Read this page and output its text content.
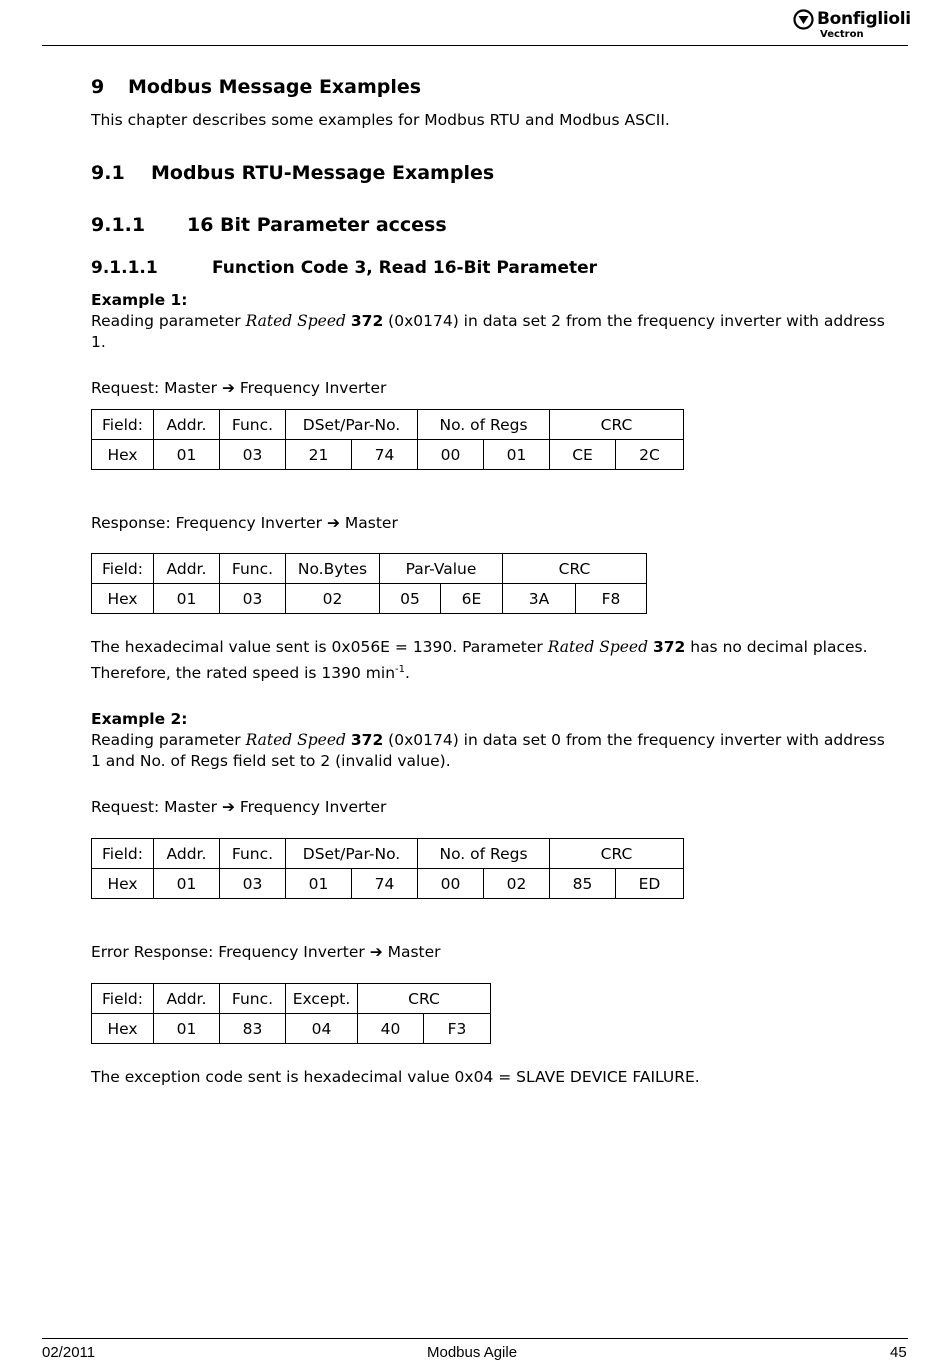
Bonfiglioli
Vectron
9 Modbus Message Examples
This chapter describes some examples for Modbus RTU and Modbus ASCII.
9.1 Modbus RTU-Message Examples
9.1.1 16 Bit Parameter access
9.1.1.1	Function Code 3, Read 16-Bit Parameter
Example 1:
Reading parameter Rated Speed 372 (0x0174) in data set 2 from the frequency inverter with address
1.
Request: Master ➔ Frequency Inverter
Field:	Addr.	Func.	DSet/Par-No.		No. of Regs		CRC	
Hex	01	03	21	74	00	01	CE	2C
Response: Frequency Inverter ➔ Master
Field:	Addr.	Func.	No.Bytes	Par-Value		CRC	
Hex	01	03	02	05	6E	3A	F8
The hexadecimal value sent is 0x056E = 1390. Parameter Rated Speed 372 has no decimal places.
Therefore, the rated speed is 1390 $\min^{-1}$.
Example 2:
Reading parameter Rated Speed 372 (0x0174) in data set 0 from the frequency inverter with address
1 and No. of Regs field set to 2 (invalid value).
Request: Master ➔ Frequency Inverter
Field:	Addr.	Func.	DSet/Par-No.		No. of Regs		CRC	
Hex	01	03	01	74	00	02	85	ED
Error Response: Frequency Inverter ➔ Master
Field:	Addr.	Func.	Except.	CRC	
Hex	01	83	04	40	F3
The exception code sent is hexadecimal value 0x04 = SLAVE DEVICE FAILURE.
02/2011	Modbus Agile	45
